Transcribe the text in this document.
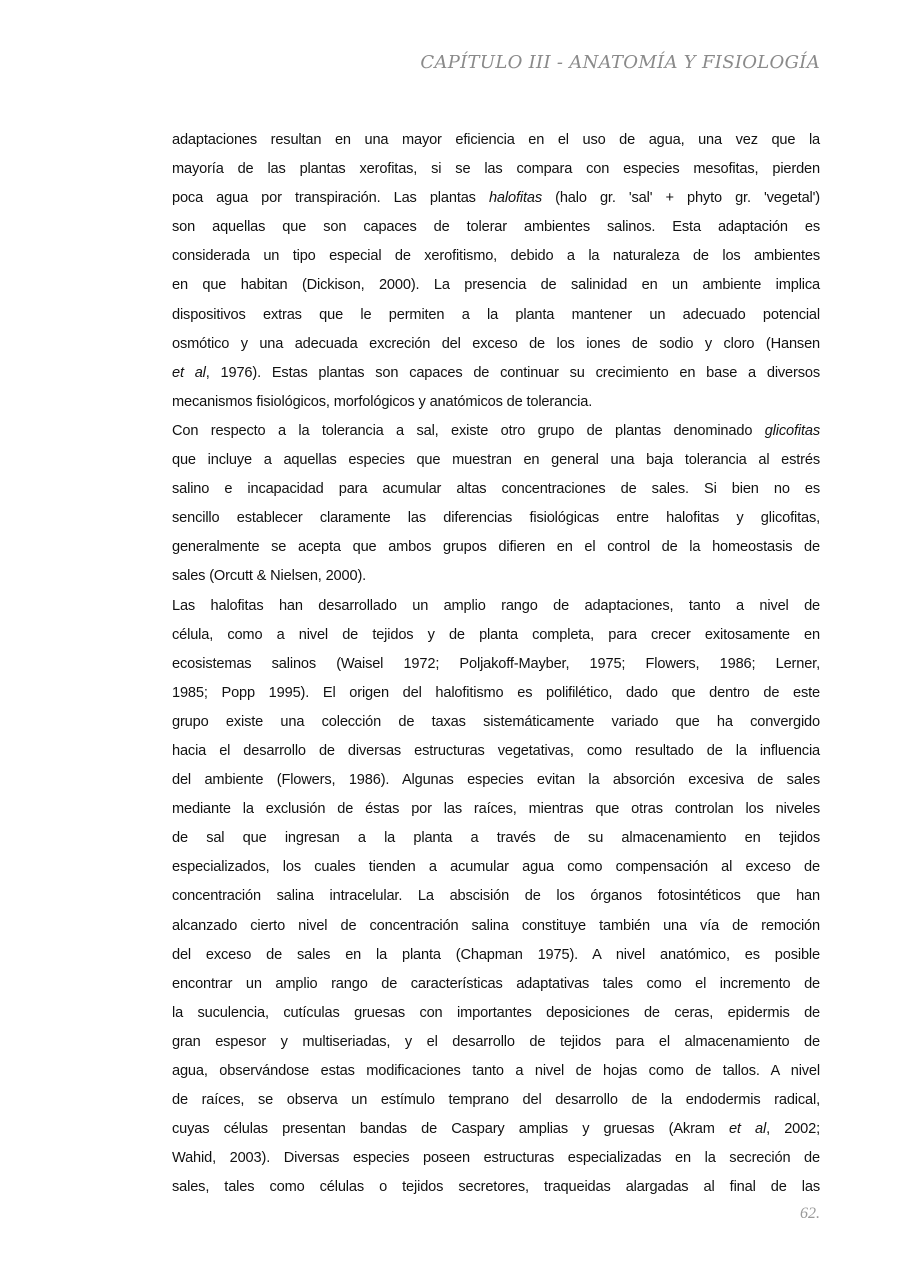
CAPÍTULO III - ANATOMÍA Y FISIOLOGÍA
adaptaciones resultan en una mayor eficiencia en el uso de agua, una vez que la
mayoría de las plantas xerofitas, si se las compara con especies mesofitas, pierden
poca agua por transpiración. Las plantas halofitas (halo gr. 'sal' + phyto gr. 'vegetal')
son aquellas que son capaces de tolerar ambientes salinos. Esta adaptación es
considerada un tipo especial de xerofitismo, debido a la naturaleza de los ambientes
en que habitan (Dickison, 2000). La presencia de salinidad en un ambiente implica
dispositivos extras que le permiten a la planta mantener un adecuado potencial
osmótico y una adecuada excreción del exceso de los iones de sodio y cloro (Hansen
et al, 1976). Estas plantas son capaces de continuar su crecimiento en base a diversos
mecanismos fisiológicos, morfológicos y anatómicos de tolerancia.
Con respecto a la tolerancia a sal, existe otro grupo de plantas denominado glicofitas
que incluye a aquellas especies que muestran en general una baja tolerancia al estrés
salino e incapacidad para acumular altas concentraciones de sales. Si bien no es
sencillo establecer claramente las diferencias fisiológicas entre halofitas y glicofitas,
generalmente se acepta que ambos grupos difieren en el control de la homeostasis de
sales (Orcutt & Nielsen, 2000).
Las halofitas han desarrollado un amplio rango de adaptaciones, tanto a nivel de
célula, como a nivel de tejidos y de planta completa, para crecer exitosamente en
ecosistemas salinos (Waisel 1972; Poljakoff-Mayber, 1975; Flowers, 1986; Lerner,
1985; Popp 1995). El origen del halofitismo es polifilético, dado que dentro de este
grupo existe una colección de taxas sistemáticamente variado que ha convergido
hacia el desarrollo de diversas estructuras vegetativas, como resultado de la influencia
del ambiente (Flowers, 1986). Algunas especies evitan la absorción excesiva de sales
mediante la exclusión de éstas por las raíces, mientras que otras controlan los niveles
de sal que ingresan a la planta a través de su almacenamiento en tejidos
especializados, los cuales tienden a acumular agua como compensación al exceso de
concentración salina intracelular. La abscisión de los órganos fotosintéticos que han
alcanzado cierto nivel de concentración salina constituye también una vía de remoción
del exceso de sales en la planta (Chapman 1975). A nivel anatómico, es posible
encontrar un amplio rango de características adaptativas tales como el incremento de
la suculencia, cutículas gruesas con importantes deposiciones de ceras, epidermis de
gran espesor y multiseriadas, y el desarrollo de tejidos para el almacenamiento de
agua, observándose estas modificaciones tanto a nivel de hojas como de tallos. A nivel
de raíces, se observa un estímulo temprano del desarrollo de la endodermis radical,
cuyas células presentan bandas de Caspary amplias y gruesas (Akram et al, 2002;
Wahid, 2003). Diversas especies poseen estructuras especializadas en la secreción de
sales, tales como células o tejidos secretores, traqueidas alargadas al final de las
62.
